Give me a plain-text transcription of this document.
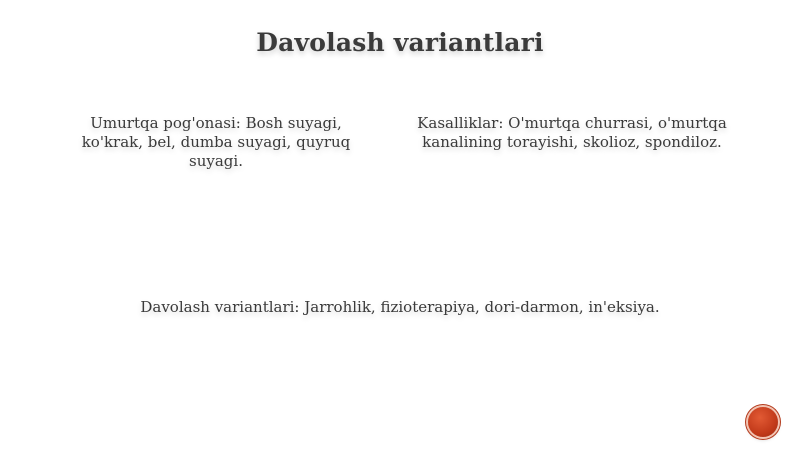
Davolash variantlari
Umurtqa pog'onasi: Bosh suyagi, ko'krak, bel, dumba suyagi, quyruq suyagi.
Kasalliklar: O'murtqa churrasi, o'murtqa kanalining torayishi, skolioz, spondiloz.
Davolash variantlari: Jarrohlik, fizioterapiya, dori-darmon, in'eksiya.
